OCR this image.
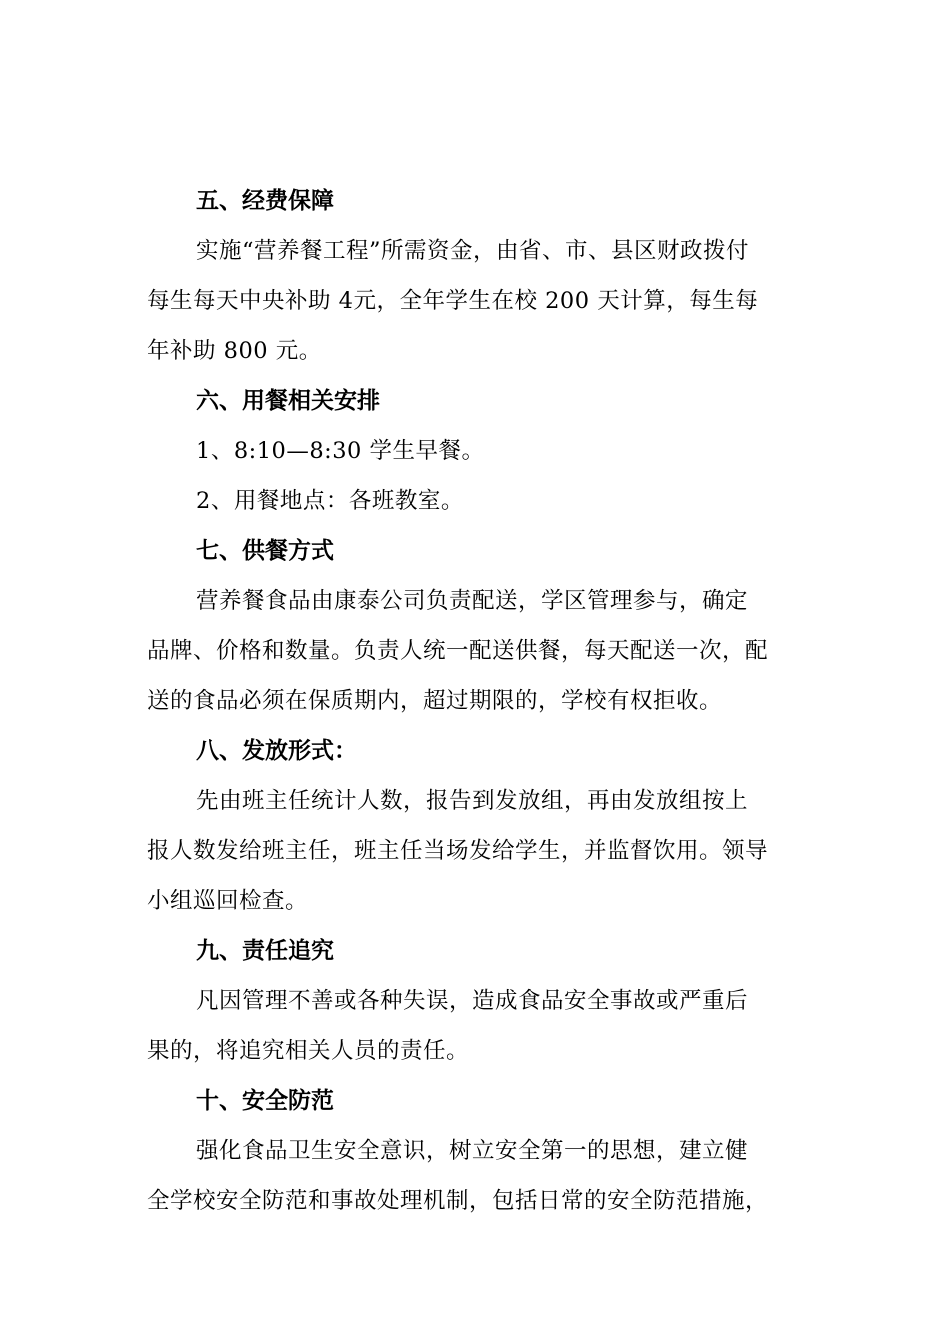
五、经费保障

实施“营养餐工程”所需资金，由省、市、县区财政拨付
每生每天中央补助 4元，全年学生在校 200 天计算，每生每
年补助 800 元。

六、用餐相关安排

1、8:10—8:30 学生早餐。

2、用餐地点：各班教室。

七、供餐方式

营养餐食品由康泰公司负责配送，学区管理参与，确定
品牌、价格和数量。负责人统一配送供餐，每天配送一次，配
送的食品必须在保质期内，超过期限的，学校有权拒收。

八、发放形式：

先由班主任统计人数，报告到发放组，再由发放组按上
报人数发给班主任，班主任当场发给学生，并监督饮用。领导
小组巡回检查。

九、责任追究

凡因管理不善或各种失误，造成食品安全事故或严重后
果的，将追究相关人员的责任。

十、安全防范

强化食品卫生安全意识，树立安全第一的思想，建立健
全学校安全防范和事故处理机制，包括日常的安全防范措施，
